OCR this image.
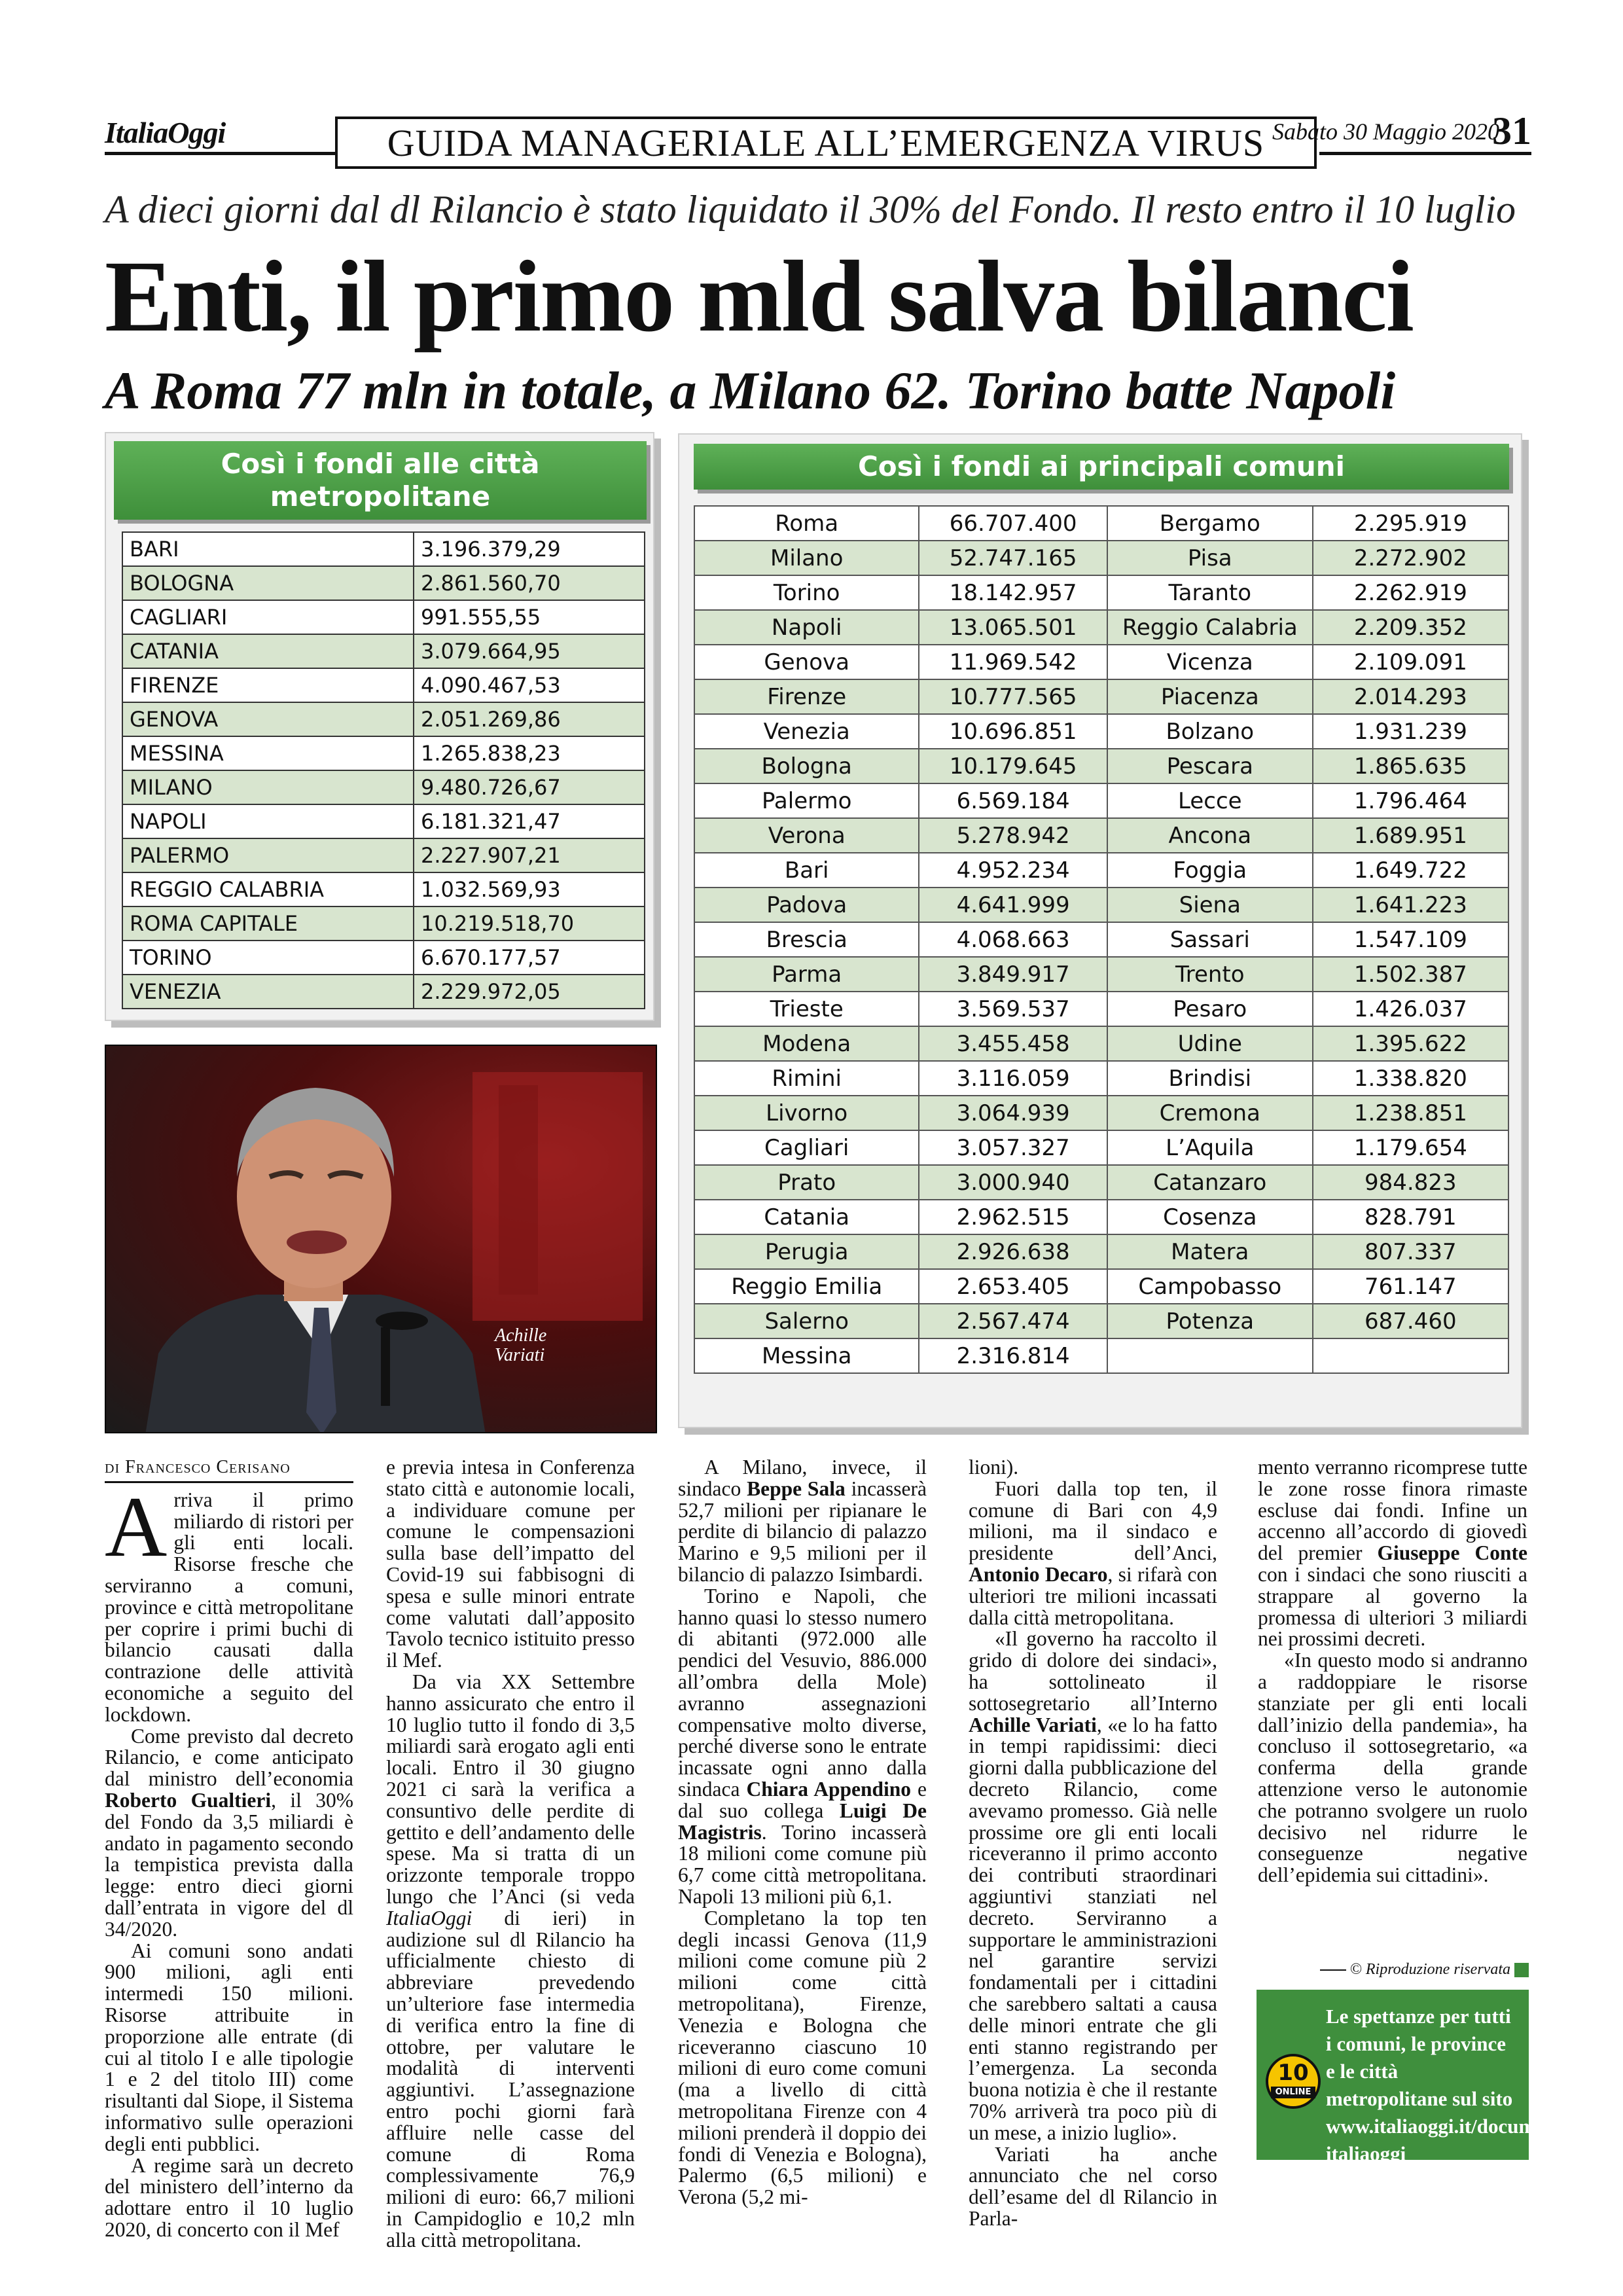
ItaliaOggi	GUIDA MANAGERIALE ALL’EMERGENZA VIRUS Sabato 30 Maggio 2020
31
A dieci giorni dal dl Rilancio è stato liquidato il 30% del Fondo. Il resto entro il 10 luglio
Enti, il primo mld salva bilanci
A Roma 77 mln in totale, a Milano 62. Torino batte Napoli
Così i fondi alle città
metropolitane
BARI	3.196.379,29
BOLOGNA	2.861.560,70
CAGLIARI	991.555,55
CATANIA	3.079.664,95
FIRENZE	4.090.467,53
GENOVA	2.051.269,86
MESSINA	1.265.838,23
MILANO	9.480.726,67
NAPOLI	6.181.321,47
PALERMO	2.227.907,21
REGGIO CALABRIA	1.032.569,93
ROMA CAPITALE	10.219.518,70
TORINO	6.670.177,57
VENEZIA	2.229.972,05
Così i fondi ai principali comuni
Roma	66.707.400	Bergamo	2.295.919
Milano	52.747.165	Pisa	2.272.902
Torino	18.142.957	Taranto	2.262.919
Napoli	13.065.501	Reggio Calabria	2.209.352
Genova	11.969.542	Vicenza	2.109.091
Firenze	10.777.565	Piacenza	2.014.293
Venezia	10.696.851	Bolzano	1.931.239
Bologna	10.179.645	Pescara	1.865.635
Palermo	6.569.184	Lecce	1.796.464
Verona	5.278.942	Ancona	1.689.951
Bari	4.952.234	Foggia	1.649.722
Padova	4.641.999	Siena	1.641.223
Brescia	4.068.663	Sassari	1.547.109
Parma	3.849.917	Trento	1.502.387
Trieste	3.569.537	Pesaro	1.426.037
Modena	3.455.458	Udine	1.395.622
Rimini	3.116.059	Brindisi	1.338.820
Livorno	3.064.939	Cremona	1.238.851
Cagliari	3.057.327	L’Aquila	1.179.654
Prato	3.000.940	Catanzaro	984.823
Catania	2.962.515	Cosenza	828.791
Perugia	2.926.638	Matera	807.337
Reggio Emilia	2.653.405	Campobasso	761.147
Salerno	2.567.474	Potenza	687.460
Messina	2.316.814		
Achille
Variati
di Francesco Cerisano
A rriva il primo miliardo di ristori per gli enti locali. Risorse fresche che serviranno a comuni, province e città metropolitane per coprire i primi buchi di bilancio causati dalla contrazione delle attività economiche a seguito del lockdown.

Come previsto dal decreto Rilancio, e come anticipato dal ministro dell’economia Roberto Gualtieri, il 30% del Fondo da 3,5 miliardi è andato in pagamento secondo la tempistica prevista dalla legge: entro dieci giorni dall’entrata in vigore del dl 34/2020.

Ai comuni sono andati 900 milioni, agli enti intermedi 150 milioni. Risorse attribuite in proporzione alle entrate (di cui al titolo I e alle tipologie 1 e 2 del titolo III) come risultanti dal Siope, il Sistema informativo sulle operazioni degli enti pubblici.

A regime sarà un decreto del ministero dell’interno da adottare entro il 10 luglio 2020, di concerto con il Mef

e previa intesa in Conferenza stato città e autonomie locali, a individuare comune per comune le compensazioni sulla base dell’impatto del Covid-19 sui fabbisogni di spesa e sulle minori entrate come valutati dall’apposito Tavolo tecnico istituito presso il Mef.

Da via XX Settembre hanno assicurato che entro il 10 luglio tutto il fondo di 3,5 miliardi sarà erogato agli enti locali. Entro il 30 giugno 2021 ci sarà la verifica a consuntivo delle perdite di gettito e dell’andamento delle spese. Ma si tratta di un orizzonte temporale troppo lungo che l’Anci (si veda ItaliaOggi di ieri) in audizione sul dl Rilancio ha ufficialmente chiesto di abbreviare prevedendo un’ulteriore fase intermedia di verifica entro la fine di ottobre, per valutare le modalità di interventi aggiuntivi. L’assegnazione entro pochi giorni farà affluire nelle casse del comune di Roma complessivamente 76,9 milioni di euro: 66,7 milioni in Campidoglio e 10,2 mln alla città metropolitana.

A Milano, invece, il sindaco Beppe Sala incasserà 52,7 milioni per ripianare le perdite di bilancio di palazzo Marino e 9,5 milioni per il bilancio di palazzo Isimbardi.

Torino e Napoli, che hanno quasi lo stesso numero di abitanti (972.000 alle pendici del Vesuvio, 886.000 all’ombra della Mole) avranno assegnazioni compensative molto diverse, perché diverse sono le entrate incassate ogni anno dalla sindaca Chiara Appendino e dal suo collega Luigi De Magistris. Torino incasserà 18 milioni come comune più 6,7 come città metropolitana. Napoli 13 milioni più 6,1.

Completano la top ten degli incassi Genova (11,9 milioni come comune più 2 milioni come città metropolitana), Firenze, Venezia e Bologna che riceveranno ciascuno 10 milioni di euro come comuni (ma a livello di città metropolitana Firenze con 4 milioni prenderà il doppio dei fondi di Venezia e Bologna), Palermo (6,5 milioni) e Verona (5,2 mi-

lioni).

Fuori dalla top ten, il comune di Bari con 4,9 milioni, ma il sindaco e presidente dell’Anci, Antonio Decaro, si rifarà con ulteriori tre milioni incassati dalla città metropolitana.

«Il governo ha raccolto il grido di dolore dei sindaci», ha sottolineato il sottosegretario all’Interno Achille Variati, «e lo ha fatto in tempi rapidissimi: dieci giorni dalla pubblicazione del decreto Rilancio, come avevamo promesso. Già nelle prossime ore gli enti locali riceveranno il primo acconto dei contributi straordinari aggiuntivi stanziati nel decreto. Serviranno a supportare le amministrazioni nel garantire servizi fondamentali per i cittadini che sarebbero saltati a causa delle minori entrate che gli enti stanno registrando per l’emergenza. La seconda buona notizia è che il restante 70% arriverà tra poco più di un mese, a inizio luglio».

Variati ha anche annunciato che nel corso dell’esame del dl Rilancio in Parla-

mento verranno ricomprese tutte le zone rosse finora rimaste escluse dai fondi. Infine un accenno all’accordo di giovedì del premier Giuseppe Conte con i sindaci che sono riusciti a strappare al governo la promessa di ulteriori 3 miliardi nei prossimi decreti.

«In questo modo si andranno a raddoppiare le risorse stanziate per gli enti locali dall’inizio della pandemia», ha concluso il sottosegretario, «a conferma della grande attenzione verso le autonomie che potranno svolgere un ruolo decisivo nel ridurre le conseguenze negative dell’epidemia sui cittadini».

© Riproduzione riservata
10
ONLINE
Le spettanze per tutti i comuni, le province e le città metropolitane sul sito www.italiaoggi.it/documenti-italiaoggi
